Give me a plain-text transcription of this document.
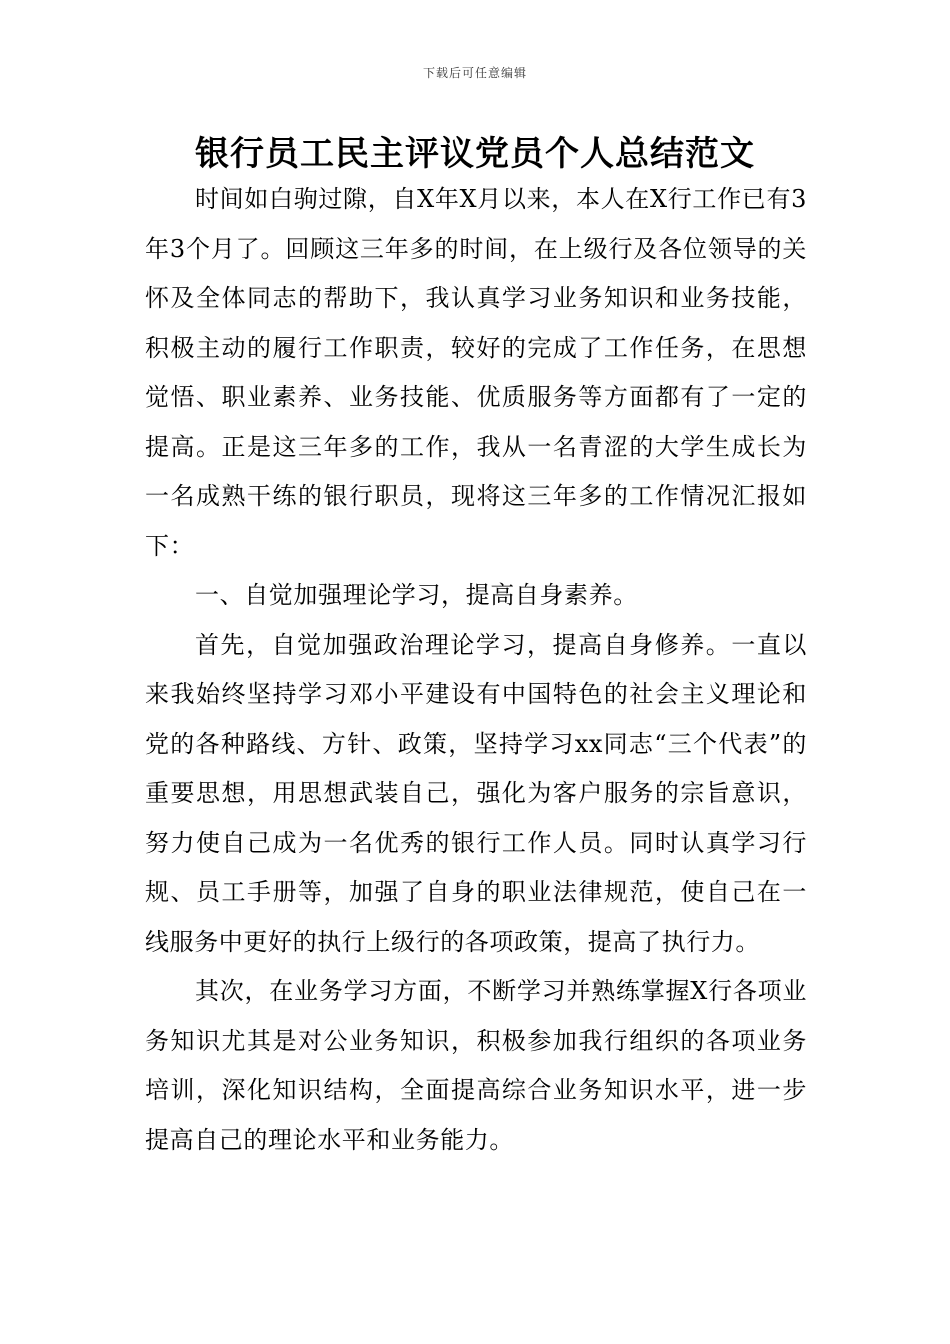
下载后可任意编辑
银行员工民主评议党员个人总结范文

时间如白驹过隙，自X年X月以来，本人在X行工作已有3年3个月了。回顾这三年多的时间，在上级行及各位领导的关怀及全体同志的帮助下，我认真学习业务知识和业务技能，积极主动的履行工作职责，较好的完成了工作任务，在思想觉悟、职业素养、业务技能、优质服务等方面都有了一定的提高。正是这三年多的工作，我从一名青涩的大学生成长为一名成熟干练的银行职员，现将这三年多的工作情况汇报如下：

一、自觉加强理论学习，提高自身素养。

首先，自觉加强政治理论学习，提高自身修养。一直以来我始终坚持学习邓小平建设有中国特色的社会主义理论和党的各种路线、方针、政策，坚持学习xx同志“三个代表”的重要思想，用思想武装自己，强化为客户服务的宗旨意识，努力使自己成为一名优秀的银行工作人员。同时认真学习行规、员工手册等，加强了自身的职业法律规范，使自己在一线服务中更好的执行上级行的各项政策，提高了执行力。

其次，在业务学习方面，不断学习并熟练掌握X行各项业务知识尤其是对公业务知识，积极参加我行组织的各项业务培训，深化知识结构，全面提高综合业务知识水平，进一步提高自己的理论水平和业务能力。
